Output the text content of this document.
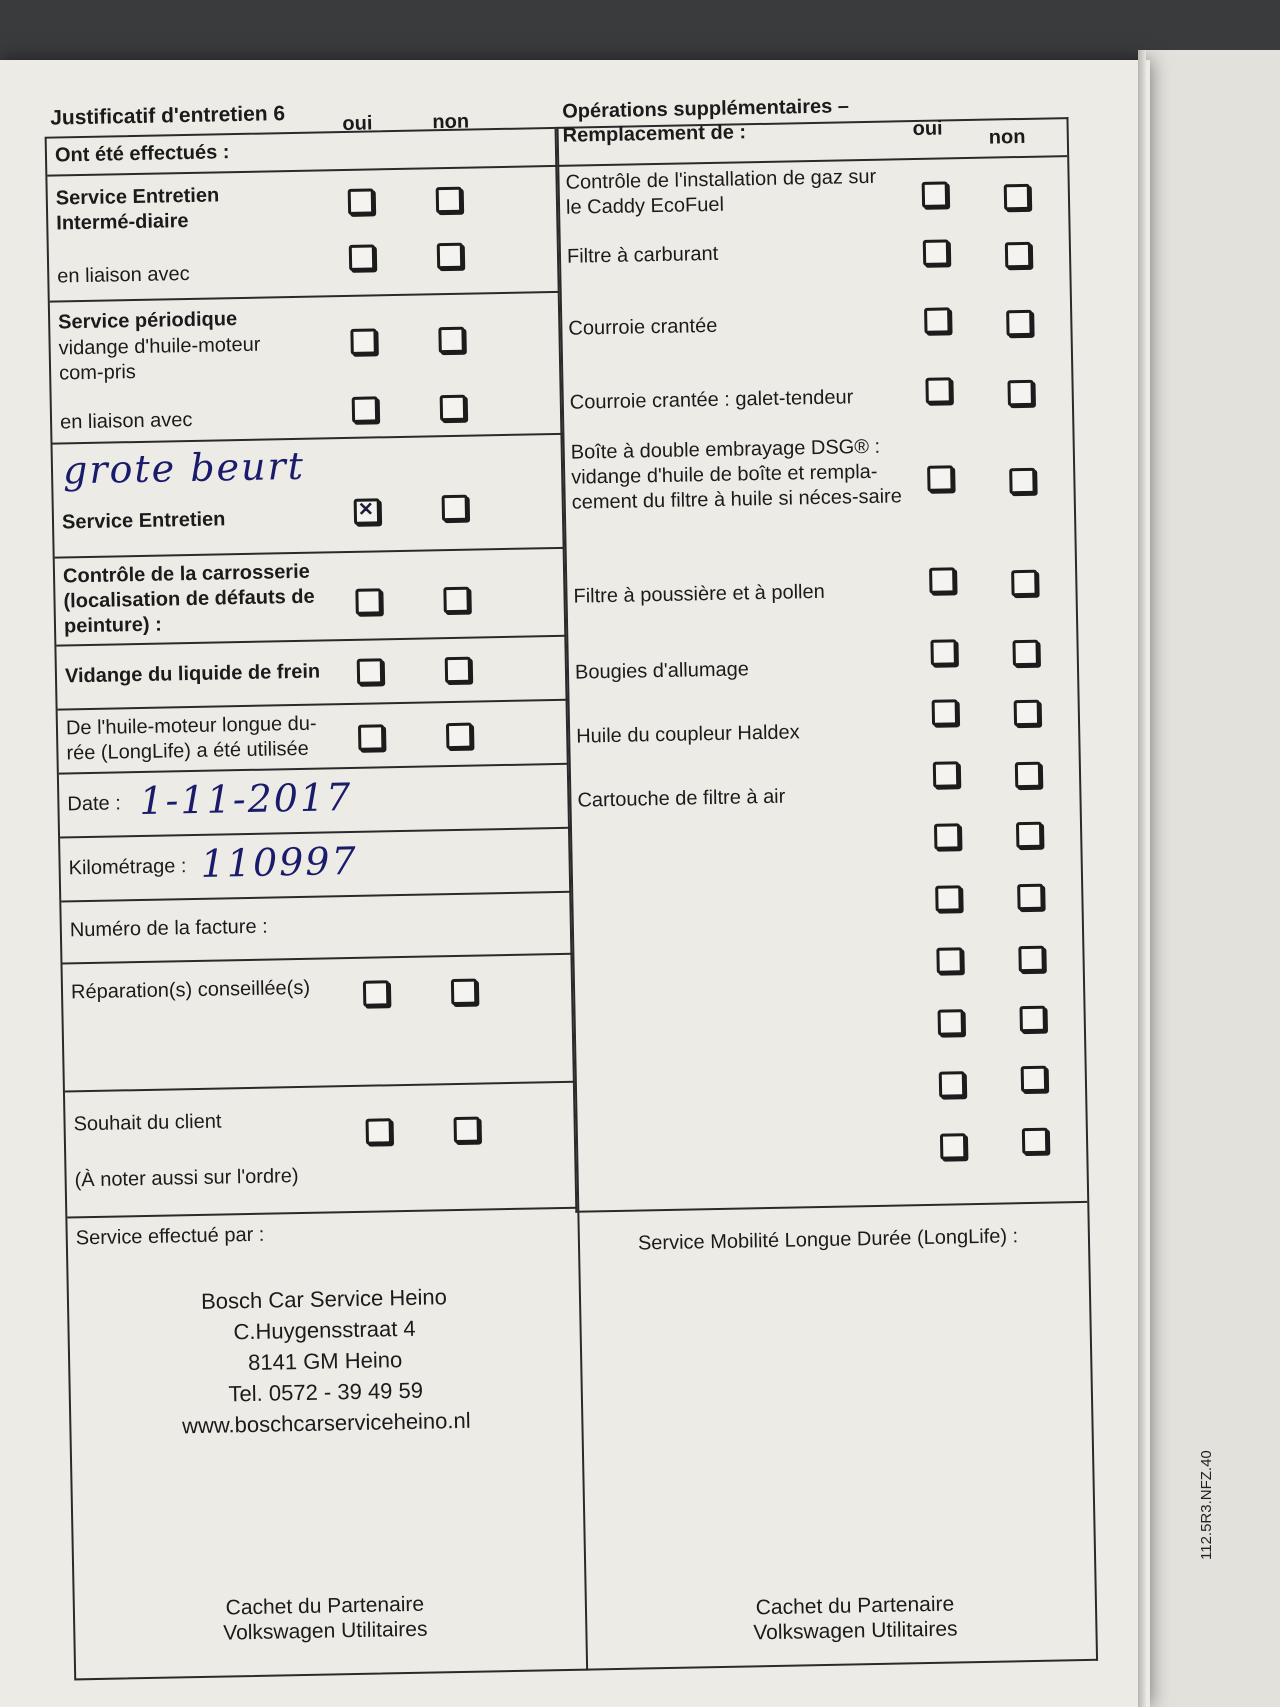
Justificatif d'entretien 6
Ont été effectués :
oui	non
Service Entretien Intermé-diaire
en liaison avec
Service périodique
vidange d'huile-moteur com-pris
en liaison avec
grote beurt
Service Entretien
✕
Contrôle de la carrosserie (localisation de défauts de peinture) :
Vidange du liquide de frein
De l'huile-moteur longue du-rée (LongLife) a été utilisée
Date : 1-11-2017
Kilométrage : 110997
Numéro de la facture :
Réparation(s) conseillée(s)
Souhait du client
(À noter aussi sur l'ordre)
Service effectué par :
Bosch Car Service Heino
C.Huygensstraat 4
8141 GM Heino
Tel. 0572 - 39 49 59
www.boschcarserviceheino.nl
Cachet du Partenaire
Volkswagen Utilitaires
Opérations supplémentaires –
Remplacement de :	oui non
Contrôle de l'installation de gaz sur le Caddy EcoFuel
Filtre à carburant
Courroie crantée
Courroie crantée : galet-tendeur
Boîte à double embrayage DSG® : vidange d'huile de boîte et rempla-cement du filtre à huile si néces-saire
Filtre à poussière et à pollen
Bougies d'allumage
Huile du coupleur Haldex
Cartouche de filtre à air
Service Mobilité Longue Durée (LongLife) :
Cachet du Partenaire
Volkswagen Utilitaires
112.5R3.NFZ.40
